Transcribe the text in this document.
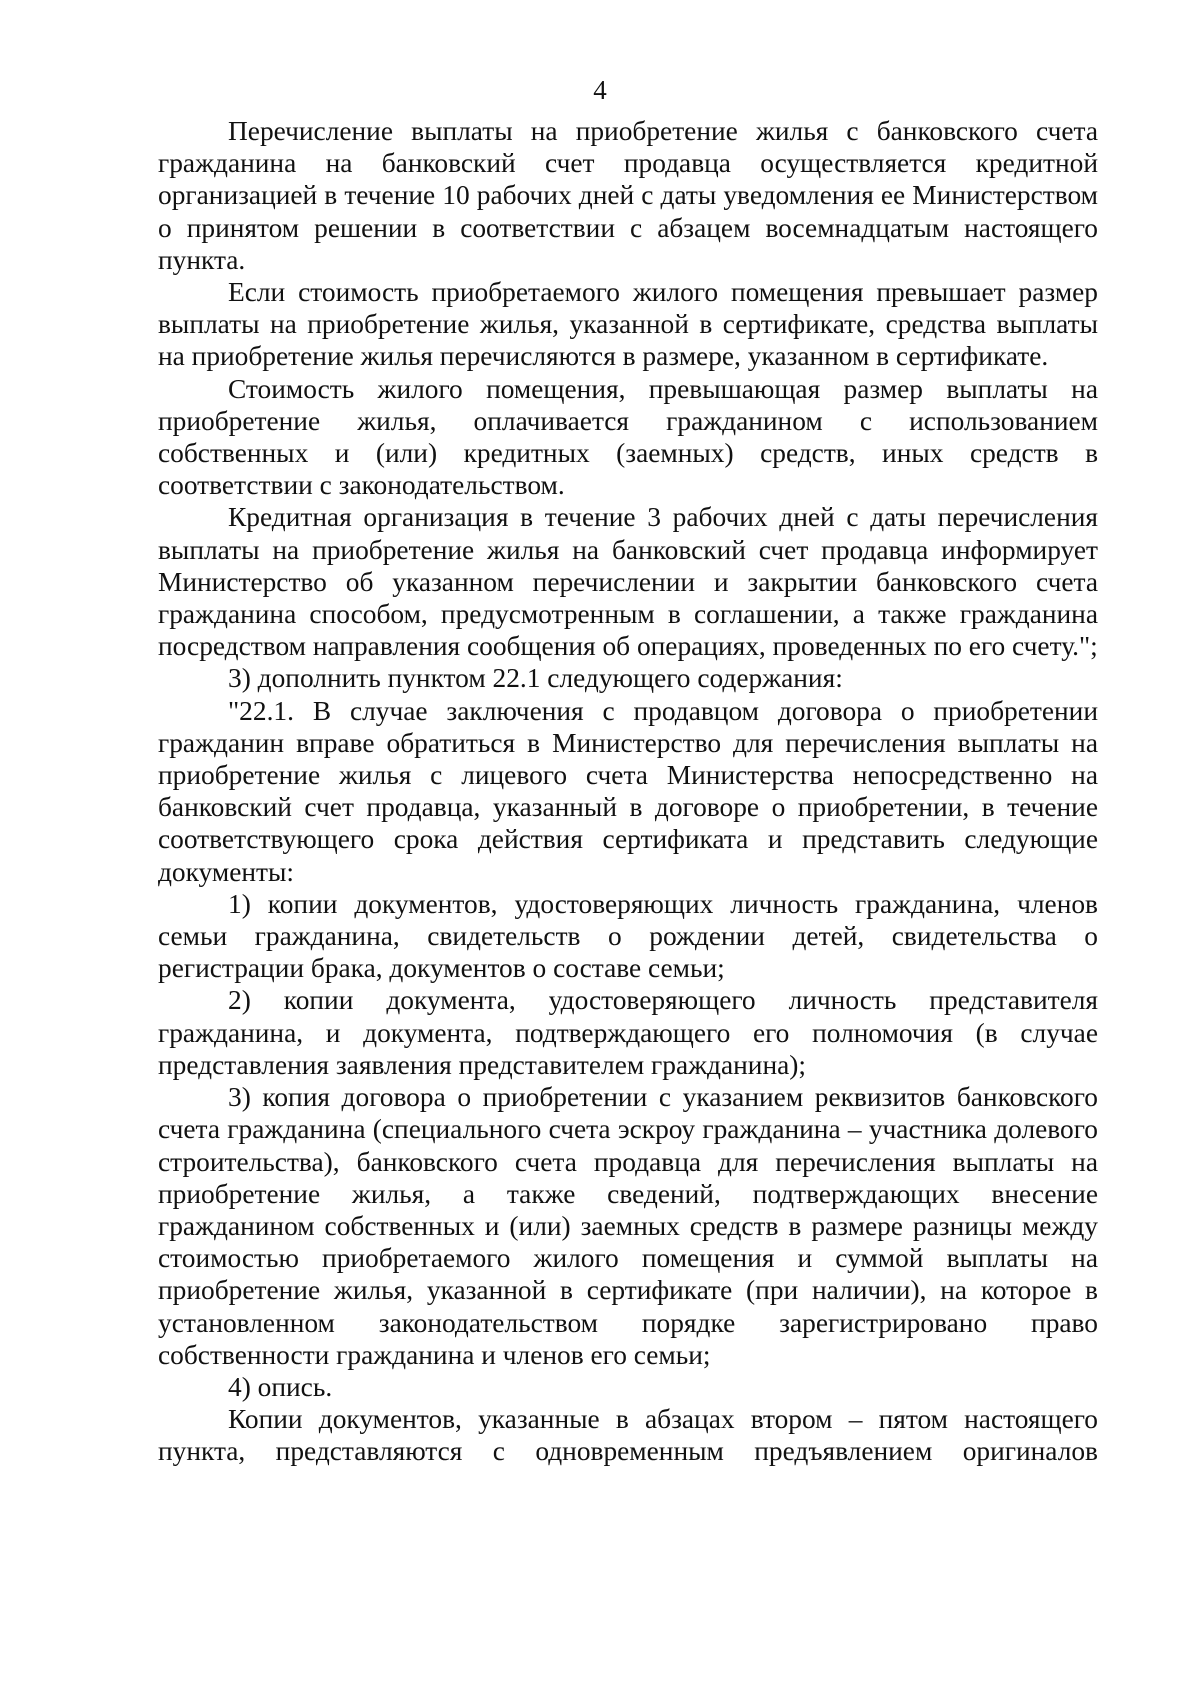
4

Перечисление выплаты на приобретение жилья с банковского счета гражданина на банковский счет продавца осуществляется кредитной организацией в течение 10 рабочих дней с даты уведомления ее Министерством о принятом решении в соответствии с абзацем восемнадцатым настоящего пункта.

Если стоимость приобретаемого жилого помещения превышает размер выплаты на приобретение жилья, указанной в сертификате, средства выплаты на приобретение жилья перечисляются в размере, указанном в сертификате.

Стоимость жилого помещения, превышающая размер выплаты на приобретение жилья, оплачивается гражданином с использованием собственных и (или) кредитных (заемных) средств, иных средств в соответствии с законодательством.

Кредитная организация в течение 3 рабочих дней с даты перечисления выплаты на приобретение жилья на банковский счет продавца информирует Министерство об указанном перечислении и закрытии банковского счета гражданина способом, предусмотренным в соглашении, а также гражданина посредством направления сообщения об операциях, проведенных по его счету.";

3) дополнить пунктом 22.1 следующего содержания:

"22.1. В случае заключения с продавцом договора о приобретении гражданин вправе обратиться в Министерство для перечисления выплаты на приобретение жилья с лицевого счета Министерства непосредственно на банковский счет продавца, указанный в договоре о приобретении, в течение соответствующего срока действия сертификата и представить следующие документы:

1) копии документов, удостоверяющих личность гражданина, членов семьи гражданина, свидетельств о рождении детей, свидетельства о регистрации брака, документов о составе семьи;

2) копии документа, удостоверяющего личность представителя гражданина, и документа, подтверждающего его полномочия (в случае представления заявления представителем гражданина);

3) копия договора о приобретении с указанием реквизитов банковского счета гражданина (специального счета эскроу гражданина – участника долевого строительства), банковского счета продавца для перечисления выплаты на приобретение жилья, а также сведений, подтверждающих внесение гражданином собственных и (или) заемных средств в размере разницы между стоимостью приобретаемого жилого помещения и суммой выплаты на приобретение жилья, указанной в сертификате (при наличии), на которое в установленном законодательством порядке зарегистрировано право собственности гражданина и членов его семьи;

4) опись.

Копии документов, указанные в абзацах втором – пятом настоящего пункта, представляются с одновременным предъявлением оригиналов
